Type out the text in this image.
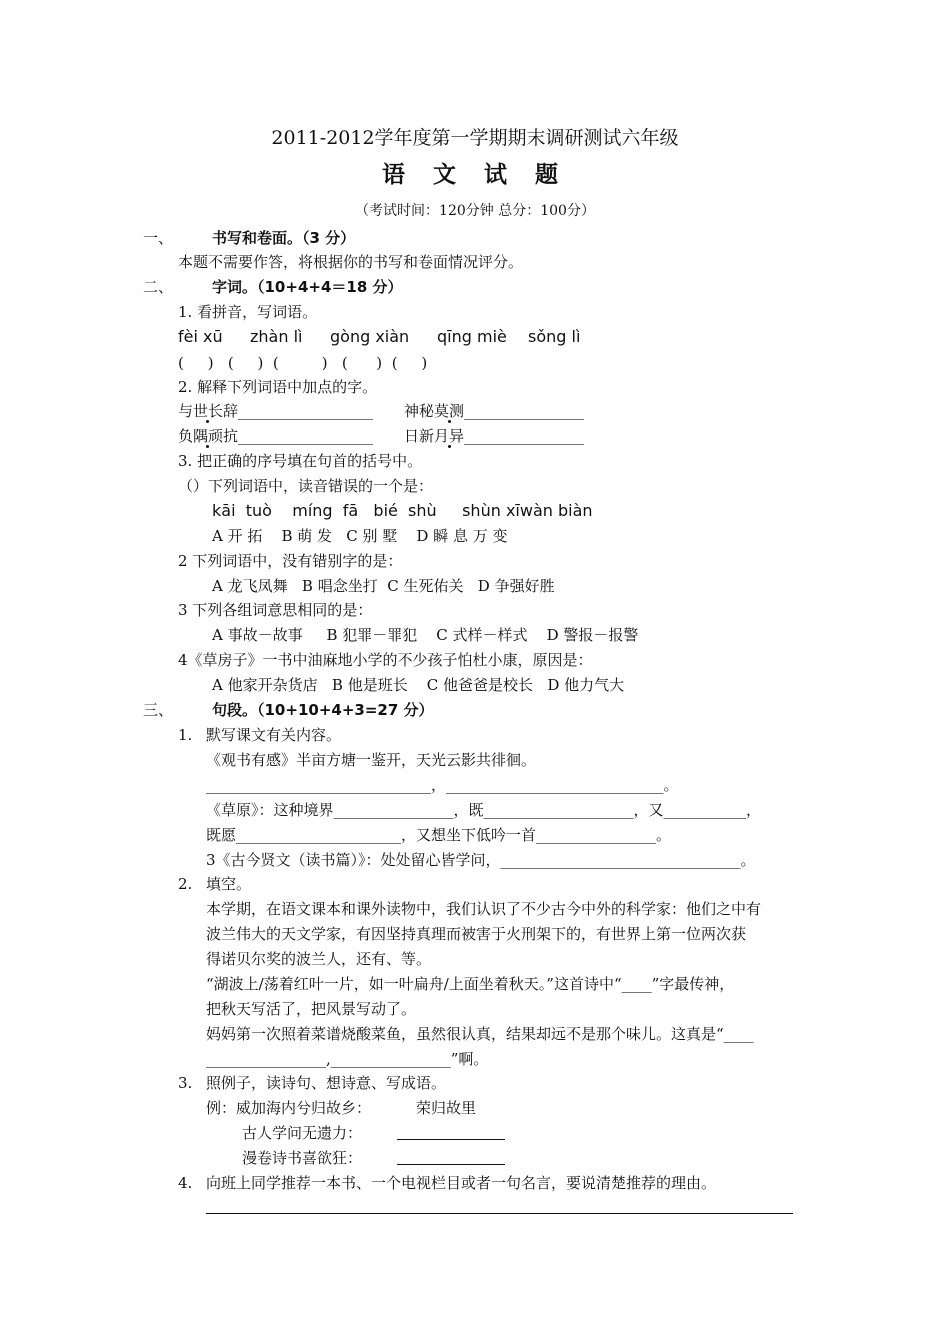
2011-2012学年度第一学期期末调研测试六年级
语 文 试 题
（考试时间：120分钟 总分：100分）
一、	书写和卷面。（3 分）
本题不需要作答，将根据你的书写和卷面情况评分。
二、	字词。（10+4+4＝18 分）
1. 看拼音，写词语。
fèi xū zhàn lì gòng xiàn qīng miè sǒng lì
(     )   (     )  (         )   (      )  (     )
2. 解释下列词语中加点的字。
与世长辞__________________ 神秘莫测________________
负隅顽抗__________________ 日新月异________________
3. 把正确的序号填在句首的括号中。
（）下列词语中，读音错误的一个是：
kāi  tuò    míng  fā   bié  shù     shùn xīwàn biàn
A 开 拓    B 萌 发   C 别 墅    D 瞬 息 万 变
2 下列词语中，没有错别字的是：
A 龙飞凤舞   B 唱念坐打  C 生死佑关   D 争强好胜
3 下列各组词意思相同的是：
A 事故－故事     B 犯罪－罪犯    C 式样－样式    D 警报－报警
4《草房子》一书中油麻地小学的不少孩子怕杜小康，原因是：
A 他家开杂货店   B 他是班长    C 他爸爸是校长   D 他力气大
三、	句段。（10+10+4+3=27 分）
1. 默写课文有关内容。
《观书有感》半亩方塘一鉴开，天光云影共徘徊。
______________________________，_____________________________。
《草原》：这种境界________________，既____________________，又___________，
既愿______________________，又想坐下低吟一首________________。
3《古今贤文（读书篇）》：处处留心皆学问，________________________________。
2. 填空。
本学期，在语文课本和课外读物中，我们认识了不少古今中外的科学家：他们之中有
波兰伟大的天文学家，有因坚持真理而被害于火刑架下的，有世界上第一位两次获
得诺贝尔奖的波兰人，还有、等。
“湖波上/荡着红叶一片，如一叶扁舟/上面坐着秋天。”这首诗中“____”字最传神，
把秋天写活了，把风景写动了。
妈妈第一次照着菜谱烧酸菜鱼，虽然很认真，结果却远不是那个味儿。这真是“____
________________,________________”啊。
3. 照例子，读诗句、想诗意、写成语。
例：威加海内兮归故乡：	荣归故里
古人学问无遗力：
漫卷诗书喜欲狂：
4. 向班上同学推荐一本书、一个电视栏目或者一句名言，要说清楚推荐的理由。
